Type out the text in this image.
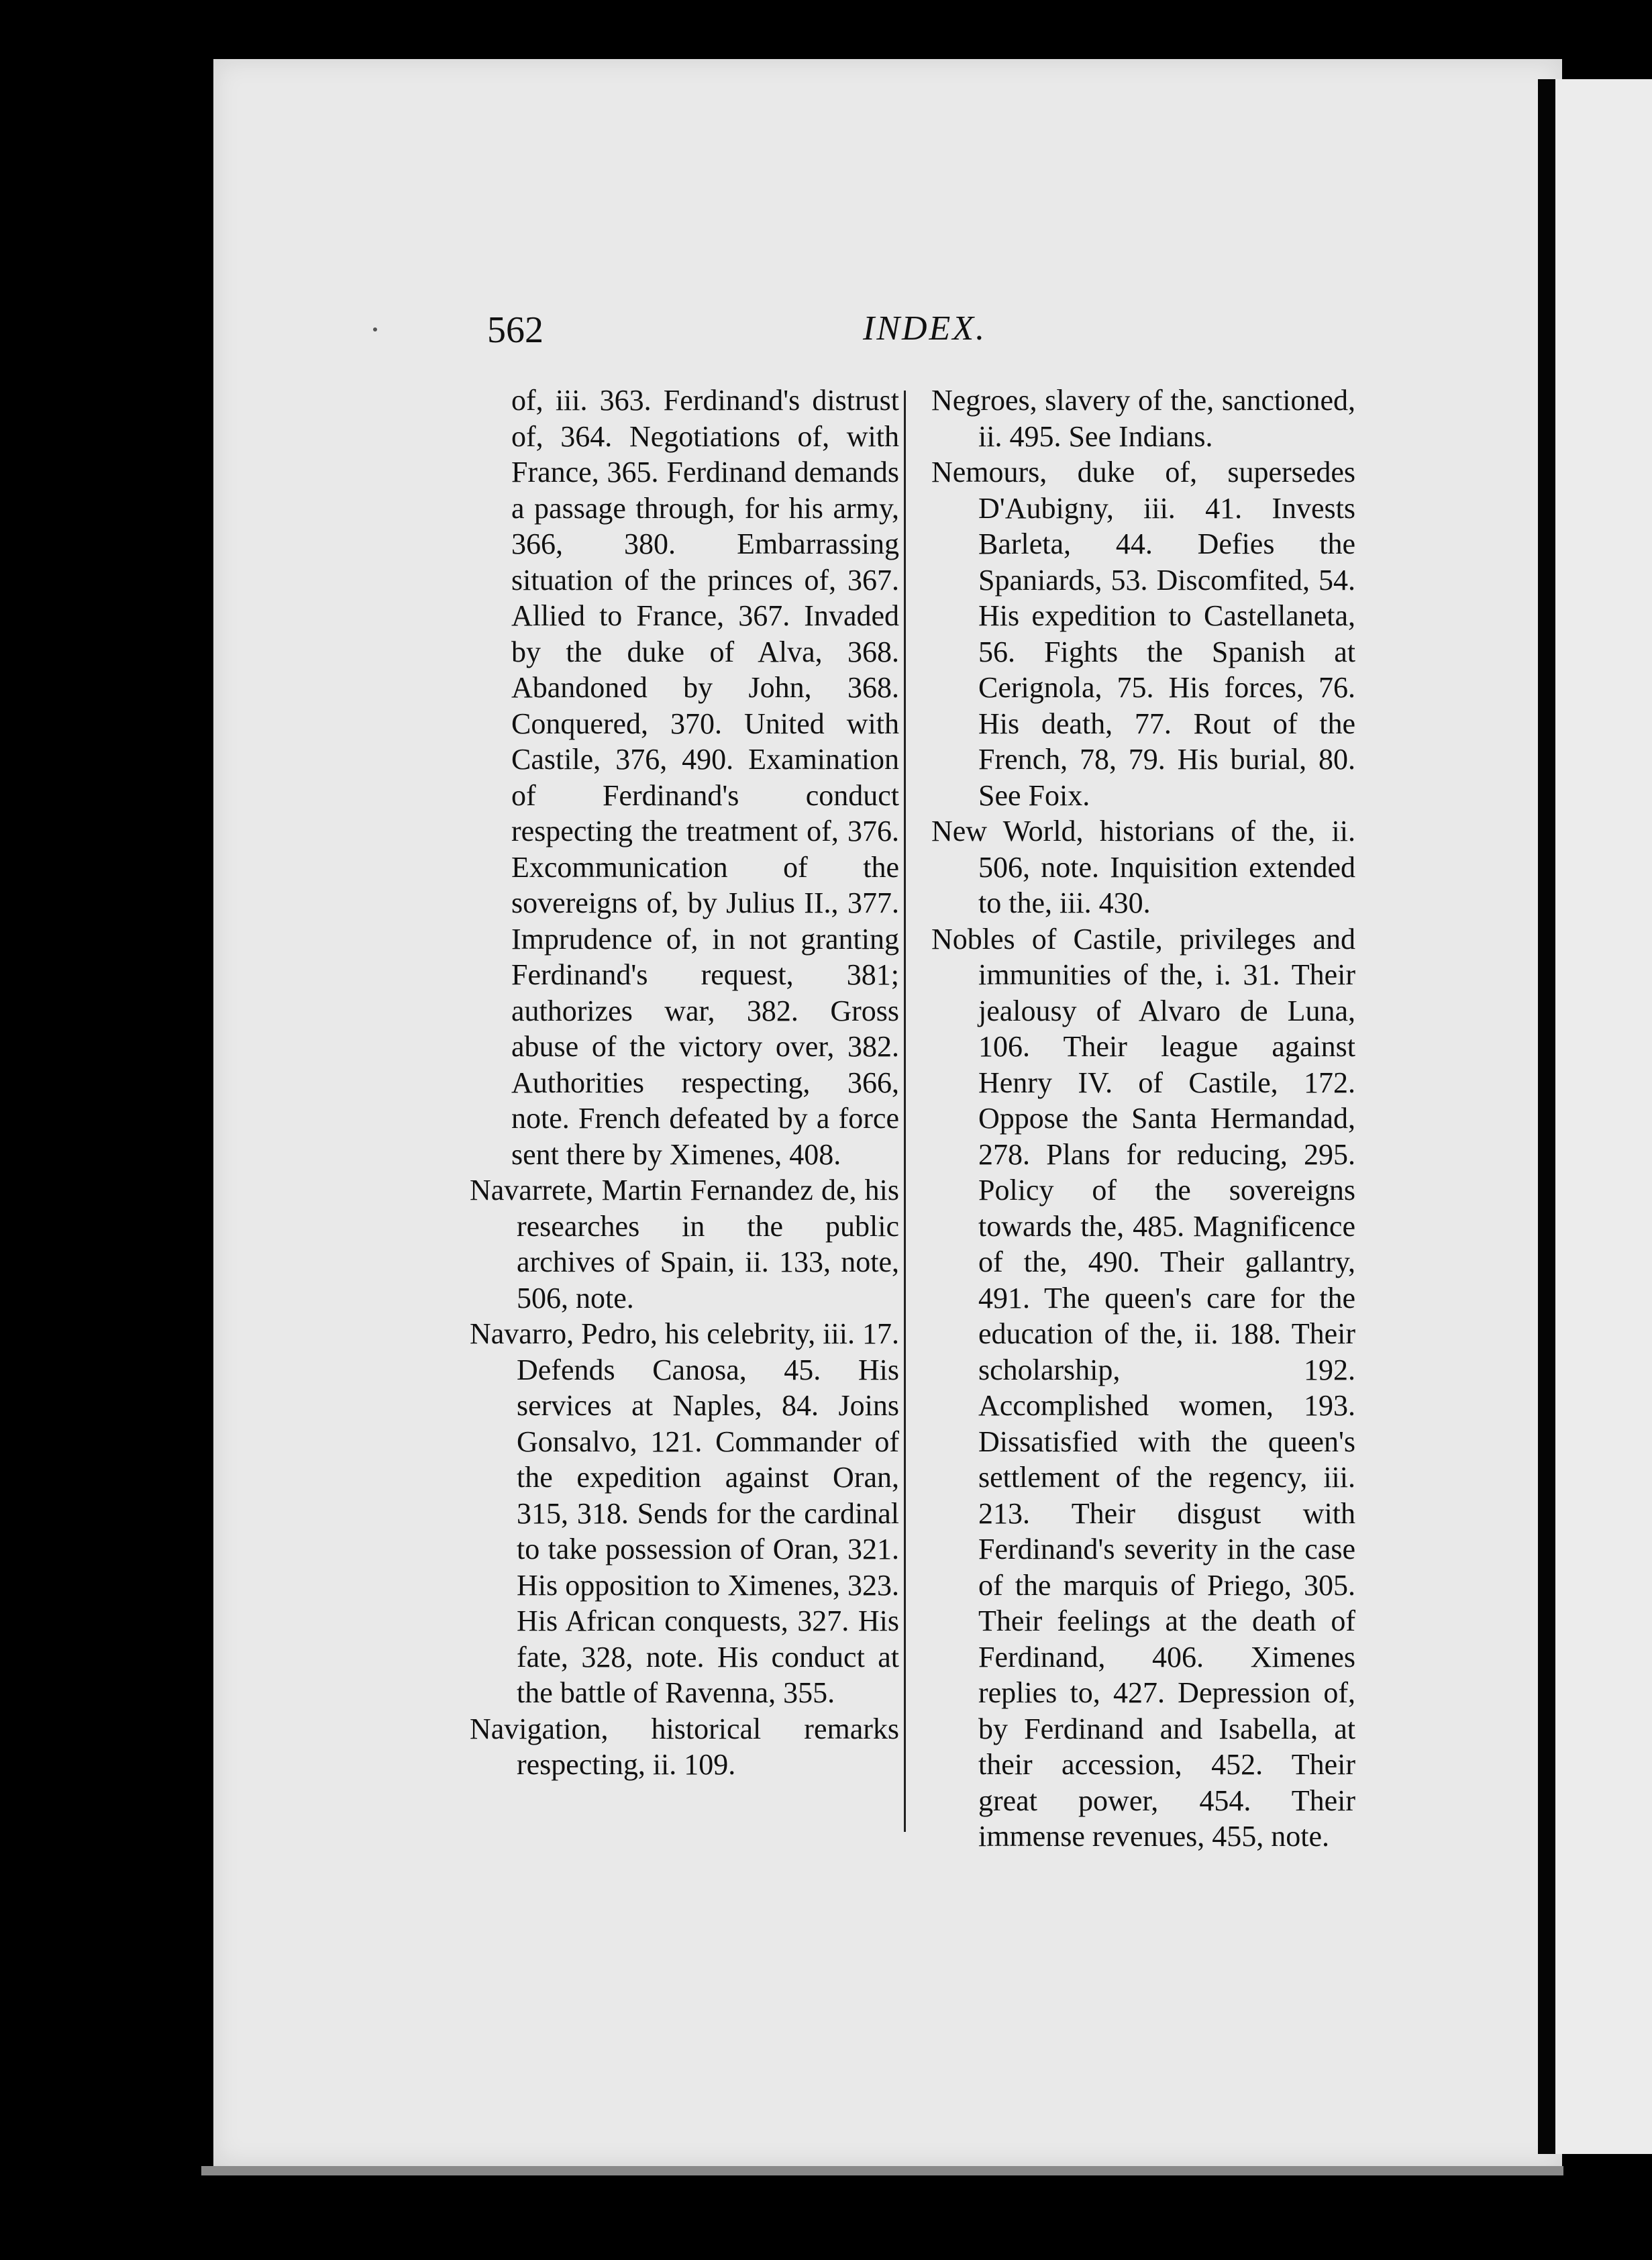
562	INDEX.

of, iii. 363. Ferdinand's distrust of, 364. Negotiations of, with France, 365. Ferdinand demands a passage through, for his army, 366, 380. Embarrassing situation of the princes of, 367. Allied to France, 367. Invaded by the duke of Alva, 368. Abandoned by John, 368. Conquered, 370. United with Castile, 376, 490. Examination of Ferdinand's conduct respecting the treatment of, 376. Excommunication of the sovereigns of, by Julius II., 377. Imprudence of, in not granting Ferdinand's request, 381; authorizes war, 382. Gross abuse of the victory over, 382. Authorities respecting, 366, note. French defeated by a force sent there by Ximenes, 408.

Navarrete, Martin Fernandez de, his researches in the public archives of Spain, ii. 133, note, 506, note.

Navarro, Pedro, his celebrity, iii. 17. Defends Canosa, 45. His services at Naples, 84. Joins Gonsalvo, 121. Commander of the expedition against Oran, 315, 318. Sends for the cardinal to take possession of Oran, 321. His opposition to Ximenes, 323. His African conquests, 327. His fate, 328, note. His conduct at the battle of Ravenna, 355.

Navigation, historical remarks respecting, ii. 109.

Negroes, slavery of the, sanctioned, ii. 495. See Indians.

Nemours, duke of, supersedes D'Aubigny, iii. 41. Invests Barleta, 44. Defies the Spaniards, 53. Discomfited, 54. His expedition to Castellaneta, 56. Fights the Spanish at Cerignola, 75. His forces, 76. His death, 77. Rout of the French, 78, 79. His burial, 80. See Foix.

New World, historians of the, ii. 506, note. Inquisition extended to the, iii. 430.

Nobles of Castile, privileges and immunities of the, i. 31. Their jealousy of Alvaro de Luna, 106. Their league against Henry IV. of Castile, 172. Oppose the Santa Hermandad, 278. Plans for reducing, 295. Policy of the sovereigns towards the, 485. Magnificence of the, 490. Their gallantry, 491. The queen's care for the education of the, ii. 188. Their scholarship, 192. Accomplished women, 193. Dissatisfied with the queen's settlement of the regency, iii. 213. Their disgust with Ferdinand's severity in the case of the marquis of Priego, 305. Their feelings at the death of Ferdinand, 406. Ximenes replies to, 427. Depression of, by Ferdinand and Isabella, at their accession, 452. Their great power, 454. Their immense revenues, 455, note.
